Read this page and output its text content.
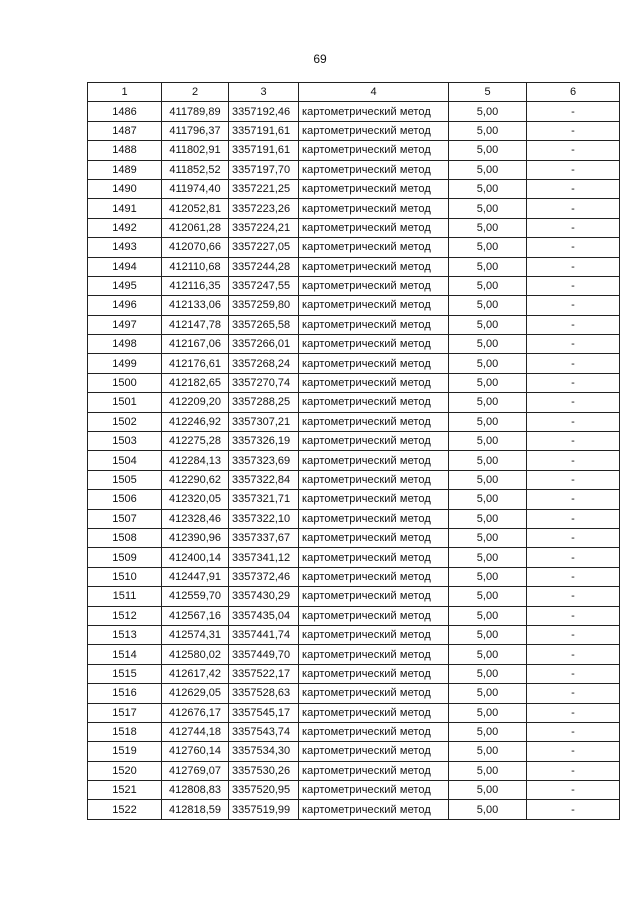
69
1	2	3	4	5	6
1486	411789,89	3357192,46	картометрический метод	5,00	-
1487	411796,37	3357191,61	картометрический метод	5,00	-
1488	411802,91	3357191,61	картометрический метод	5,00	-
1489	411852,52	3357197,70	картометрический метод	5,00	-
1490	411974,40	3357221,25	картометрический метод	5,00	-
1491	412052,81	3357223,26	картометрический метод	5,00	-
1492	412061,28	3357224,21	картометрический метод	5,00	-
1493	412070,66	3357227,05	картометрический метод	5,00	-
1494	412110,68	3357244,28	картометрический метод	5,00	-
1495	412116,35	3357247,55	картометрический метод	5,00	-
1496	412133,06	3357259,80	картометрический метод	5,00	-
1497	412147,78	3357265,58	картометрический метод	5,00	-
1498	412167,06	3357266,01	картометрический метод	5,00	-
1499	412176,61	3357268,24	картометрический метод	5,00	-
1500	412182,65	3357270,74	картометрический метод	5,00	-
1501	412209,20	3357288,25	картометрический метод	5,00	-
1502	412246,92	3357307,21	картометрический метод	5,00	-
1503	412275,28	3357326,19	картометрический метод	5,00	-
1504	412284,13	3357323,69	картометрический метод	5,00	-
1505	412290,62	3357322,84	картометрический метод	5,00	-
1506	412320,05	3357321,71	картометрический метод	5,00	-
1507	412328,46	3357322,10	картометрический метод	5,00	-
1508	412390,96	3357337,67	картометрический метод	5,00	-
1509	412400,14	3357341,12	картометрический метод	5,00	-
1510	412447,91	3357372,46	картометрический метод	5,00	-
1511	412559,70	3357430,29	картометрический метод	5,00	-
1512	412567,16	3357435,04	картометрический метод	5,00	-
1513	412574,31	3357441,74	картометрический метод	5,00	-
1514	412580,02	3357449,70	картометрический метод	5,00	-
1515	412617,42	3357522,17	картометрический метод	5,00	-
1516	412629,05	3357528,63	картометрический метод	5,00	-
1517	412676,17	3357545,17	картометрический метод	5,00	-
1518	412744,18	3357543,74	картометрический метод	5,00	-
1519	412760,14	3357534,30	картометрический метод	5,00	-
1520	412769,07	3357530,26	картометрический метод	5,00	-
1521	412808,83	3357520,95	картометрический метод	5,00	-
1522	412818,59	3357519,99	картометрический метод	5,00	-
